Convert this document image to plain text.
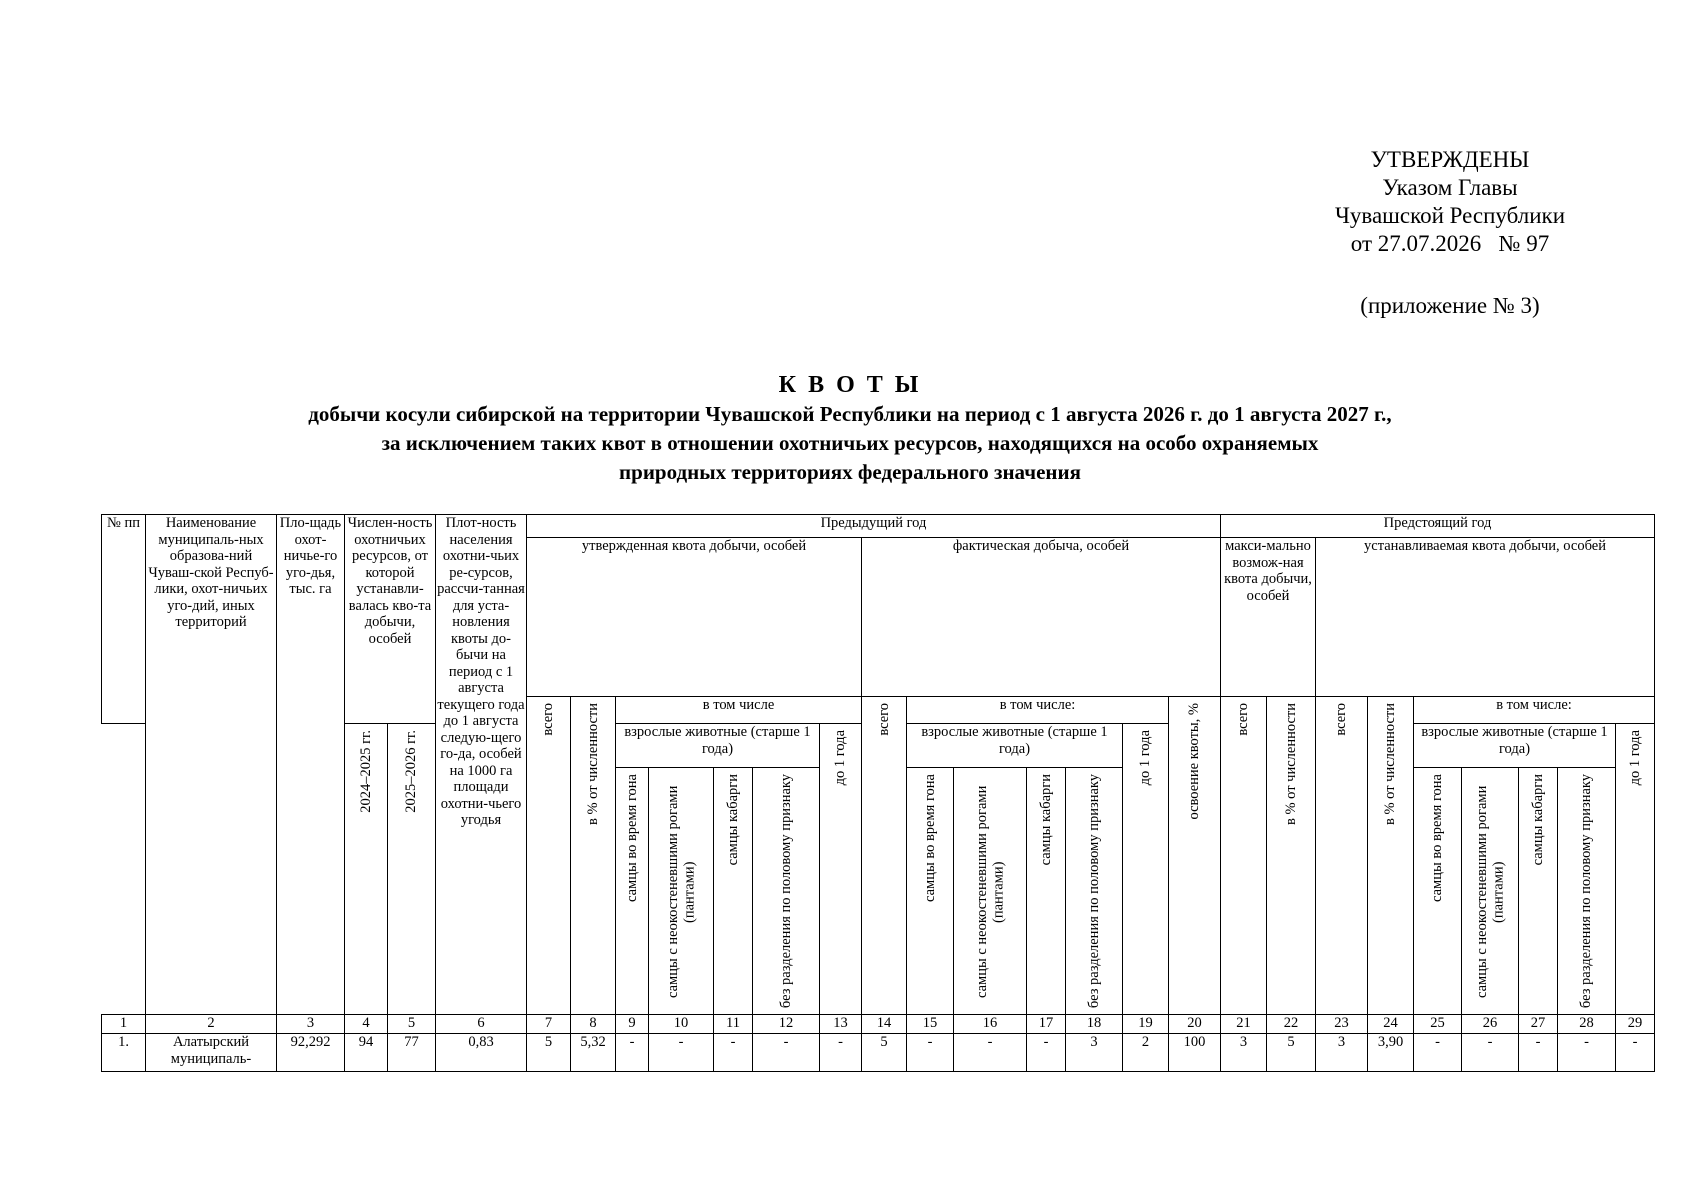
УТВЕРЖДЕНЫ
Указом Главы
Чувашской Республики
от 27.07.2026   № 97
(приложение № 3)
К В О Т Ы
добычи косули сибирской на территории Чувашской Республики на период с 1 августа 2026 г. до 1 августа 2027 г.,
за исключением таких квот в отношении охотничьих ресурсов, находящихся на особо охраняемых
природных территориях федерального значения
№ пп	Наименование муниципаль-ных образова-ний Чуваш-ской Респуб-лики, охот-ничьих уго-дий, иных территорий	Пло-щадь охот-ничье-го уго-дья, тыс. га	Числен-ность охотничьих ресурсов, от которой устанавли-валась кво-та добычи, особей		Плот-ность населения охотни-чьих ре-сурсов, рассчи-танная для уста-новления квоты до-бычи на период с 1 августа текущего года до 1 августа следую-щего го-да, особей на 1000 га площади охотни-чьего угодья	Предыдущий год														Предстоящий год								
						утвержденная квота добычи, особей							фактическая добыча, особей							макси-мально возмож-ная квота добычи, особей		устанавливаемая квота добычи, особей						

						всего	в % от численности	в том числе					всего	в том числе:					освоение квоты, %	всего	в % от численности	всего	в % от численности	в том числе:				

			2024–2025 гг.	2025–2026 гг.				взрослые животные (старше 1 года)				до 1 года		взрослые животные (старше 1 года)				до 1 года						взрослые животные (старше 1 года)				до 1 года

								самцы во время гона	самцы с неокостеневшими рогами (пантами)	самцы кабарги	без разделения по половому признаку			самцы во время гона	самцы с неокостеневшими рогами (пантами)	самцы кабарги	без разделения по половому признаку							самцы во время гона	самцы с неокостеневшими рогами (пантами)	самцы кабарги	без разделения по половому признаку	

1	2	3	4	5	6	7	8	9	10	11	12	13	14	15	16	17	18	19	20	21	22	23	24	25	26	27	28	29
1.	Алатырский муниципаль-	92,292	94	77	0,83	5	5,32	-	-	-	-	-	5	-	-	-	3	2	100	3	5	3	3,90	-	-	-	-	-
